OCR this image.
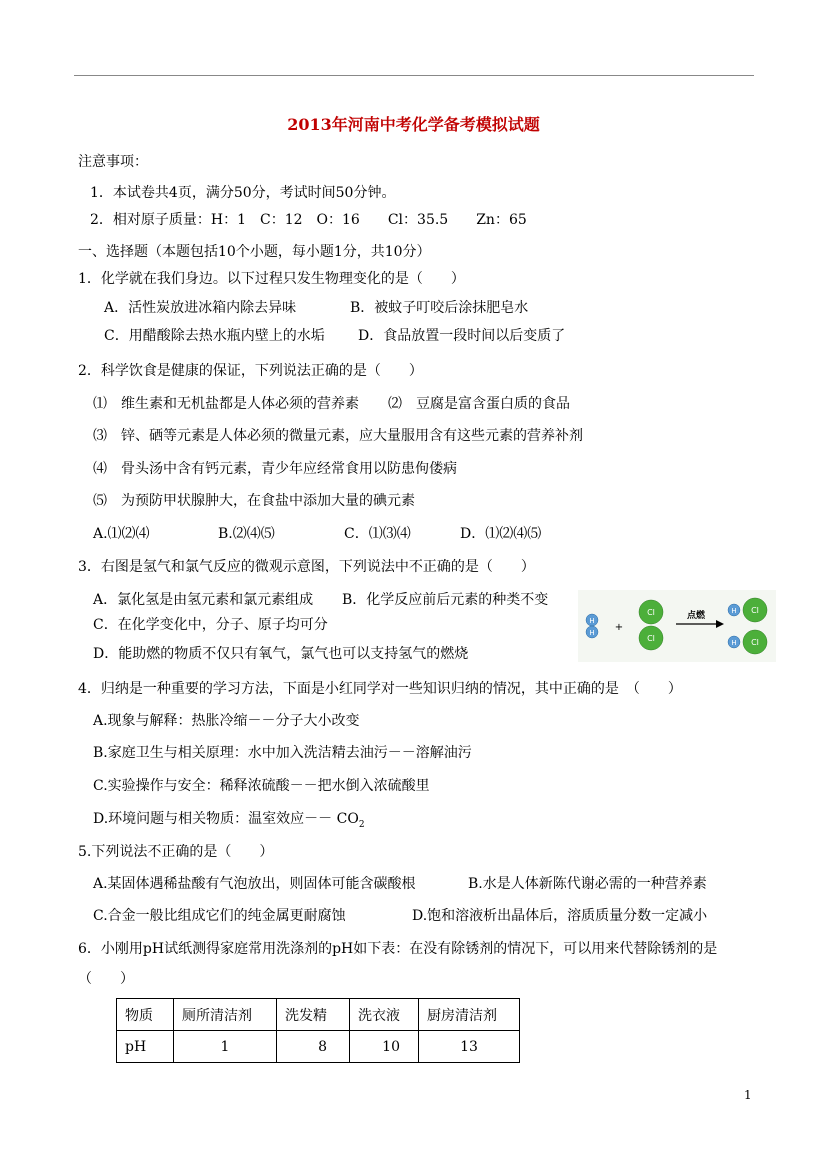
2013年河南中考化学备考模拟试题
注意事项：
1．本试卷共4页，满分50分，考试时间50分钟。
2．相对原子质量：H：1　C：12　O：16　　Cl：35.5　　Zn：65
一、选择题（本题包括10个小题，每小题1分，共10分）
1．化学就在我们身边。以下过程只发生物理变化的是（　　）
A．活性炭放进冰箱内除去异味	B．被蚊子叮咬后涂抹肥皂水
C．用醋酸除去热水瓶内壁上的水垢 D．食品放置一段时间以后变质了
2．科学饮食是健康的保证，下列说法正确的是（　　）
⑴　维生素和无机盐都是人体必须的营养素 ⑵　豆腐是富含蛋白质的食品
⑶　锌、硒等元素是人体必须的微量元素，应大量服用含有这些元素的营养补剂
⑷　骨头汤中含有钙元素，青少年应经常食用以防患佝偻病
⑸　为预防甲状腺肿大，在食盐中添加大量的碘元素
A.⑴⑵⑷	B.⑵⑷⑸	C．⑴⑶⑷	D．⑴⑵⑷⑸
3．右图是氢气和氯气反应的微观示意图，下列说法中不正确的是（　　）
A．氯化氢是由氢元素和氯元素组成 B．化学反应前后元素的种类不变
C．在化学变化中，分子、原子均可分
D．能助燃的物质不仅只有氧气，氯气也可以支持氢气的燃烧
H
H +
Cl
Cl
点燃	H Cl
H Cl
4．归纳是一种重要的学习方法，下面是小红同学对一些知识归纳的情况，其中正确的是　（　　）
A.现象与解释：热胀冷缩－－分子大小改变
B.家庭卫生与相关原理：水中加入洗洁精去油污－－溶解油污
C.实验操作与安全：稀释浓硫酸－－把水倒入浓硫酸里
D.环境问题与相关物质：温室效应－－ $CO_2$
5.下列说法不正确的是（　　）
A.某固体遇稀盐酸有气泡放出，则固体可能含碳酸根	B.水是人体新陈代谢必需的一种营养素
C.合金一般比组成它们的纯金属更耐腐蚀	D.饱和溶液析出晶体后，溶质质量分数一定减小
6．小刚用pH试纸测得家庭常用洗涤剂的pH如下表：在没有除锈剂的情况下，可以用来代替除锈剂的是
（　　）
物质	厕所清洁剂	洗发精	洗衣液	厨房清洁剂
pH	1	8	10	13
1
